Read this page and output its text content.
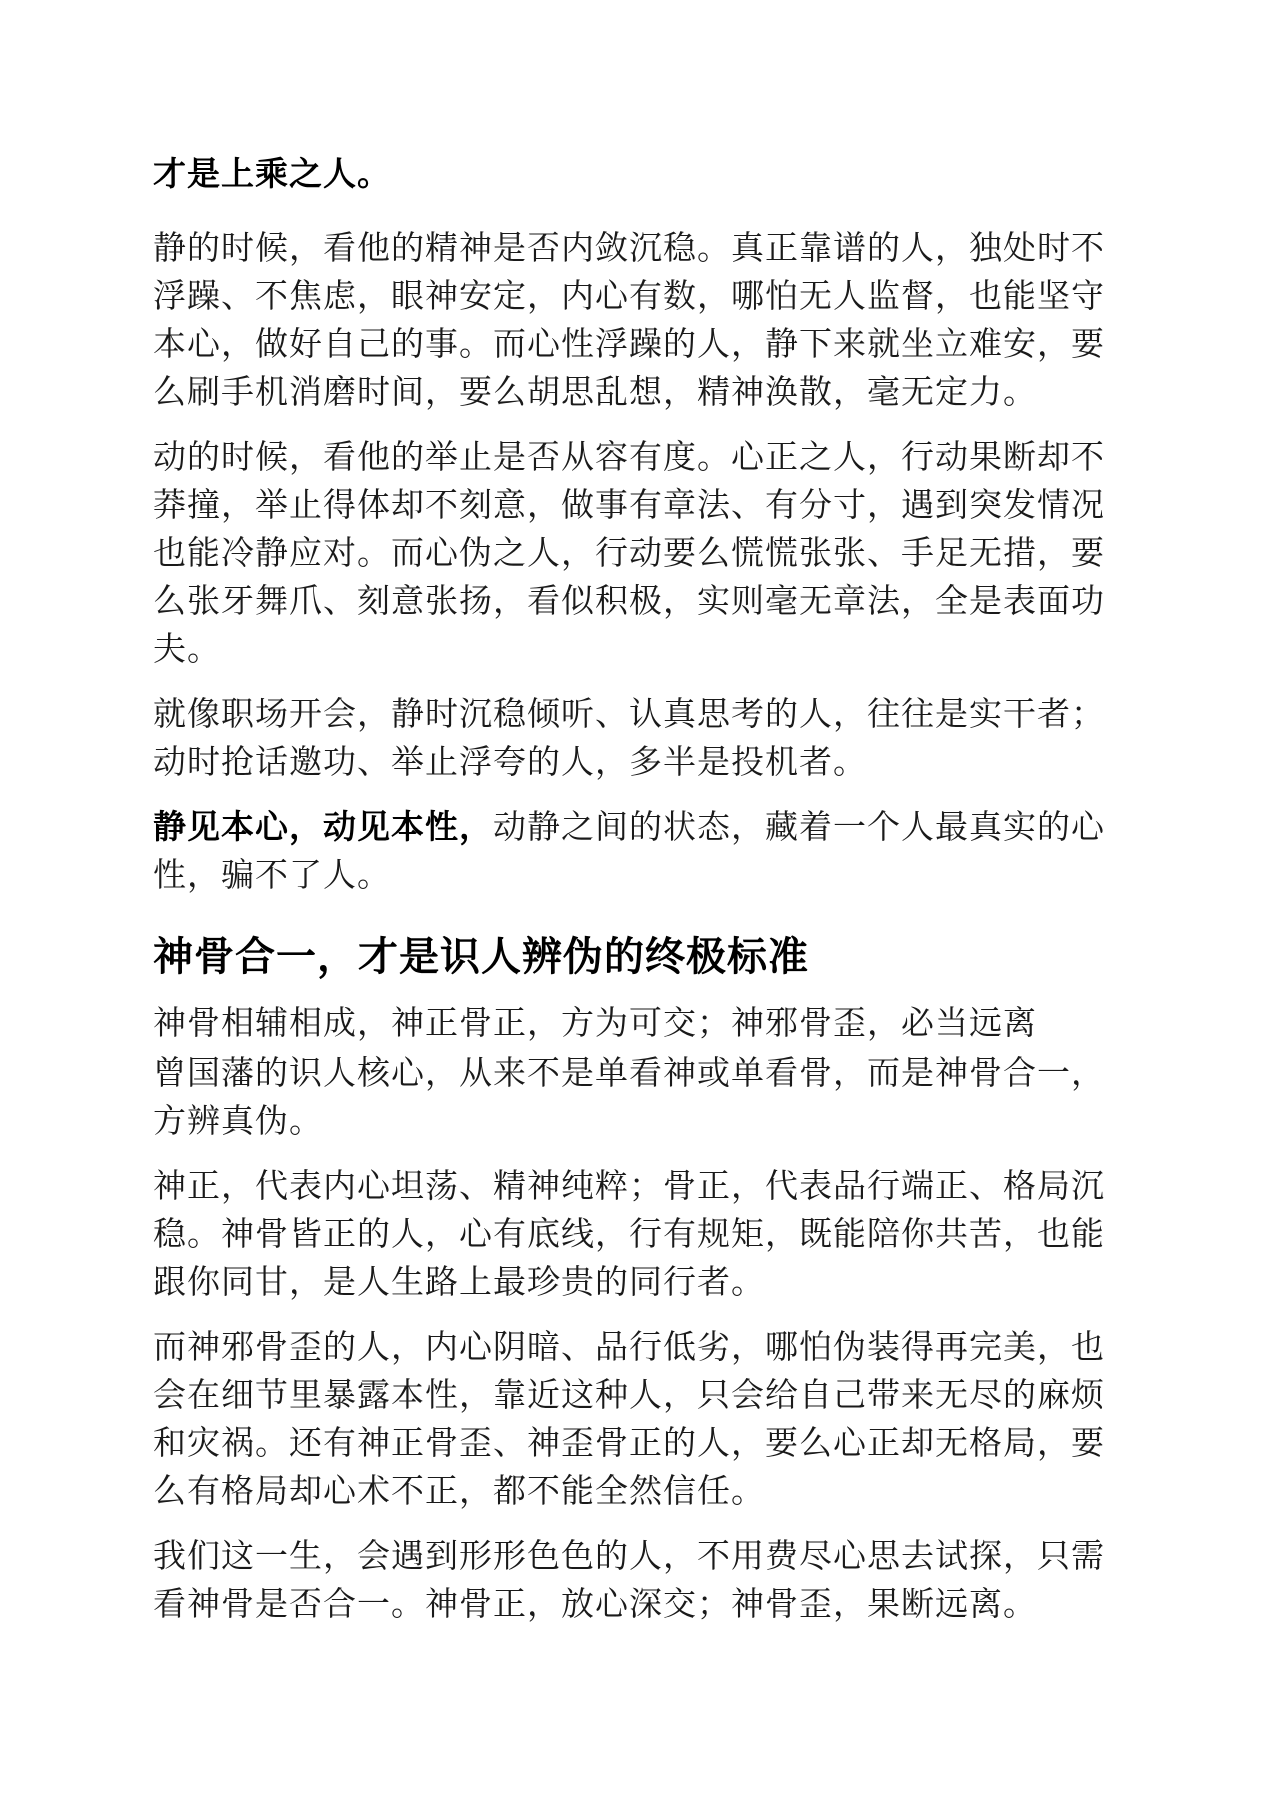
才是上乘之人。

静的时候，看他的精神是否内敛沉稳。真正靠谱的人，独处时不浮躁、不焦虑，眼神安定，内心有数，哪怕无人监督，也能坚守本心，做好自己的事。而心性浮躁的人，静下来就坐立难安，要么刷手机消磨时间，要么胡思乱想，精神涣散，毫无定力。

动的时候，看他的举止是否从容有度。心正之人，行动果断却不莽撞，举止得体却不刻意，做事有章法、有分寸，遇到突发情况也能冷静应对。而心伪之人，行动要么慌慌张张、手足无措，要么张牙舞爪、刻意张扬，看似积极，实则毫无章法，全是表面功夫。

就像职场开会，静时沉稳倾听、认真思考的人，往往是实干者；动时抢话邀功、举止浮夸的人，多半是投机者。

静见本心，动见本性，动静之间的状态，藏着一个人最真实的心性，骗不了人。

神骨合一，才是识人辨伪的终极标准

神骨相辅相成，神正骨正，方为可交；神邪骨歪，必当远离

曾国藩的识人核心，从来不是单看神或单看骨，而是神骨合一，方辨真伪。

神正，代表内心坦荡、精神纯粹；骨正，代表品行端正、格局沉稳。神骨皆正的人，心有底线，行有规矩，既能陪你共苦，也能跟你同甘，是人生路上最珍贵的同行者。

而神邪骨歪的人，内心阴暗、品行低劣，哪怕伪装得再完美，也会在细节里暴露本性，靠近这种人，只会给自己带来无尽的麻烦和灾祸。还有神正骨歪、神歪骨正的人，要么心正却无格局，要么有格局却心术不正，都不能全然信任。

我们这一生，会遇到形形色色的人，不用费尽心思去试探，只需看神骨是否合一。神骨正，放心深交；神骨歪，果断远离。
